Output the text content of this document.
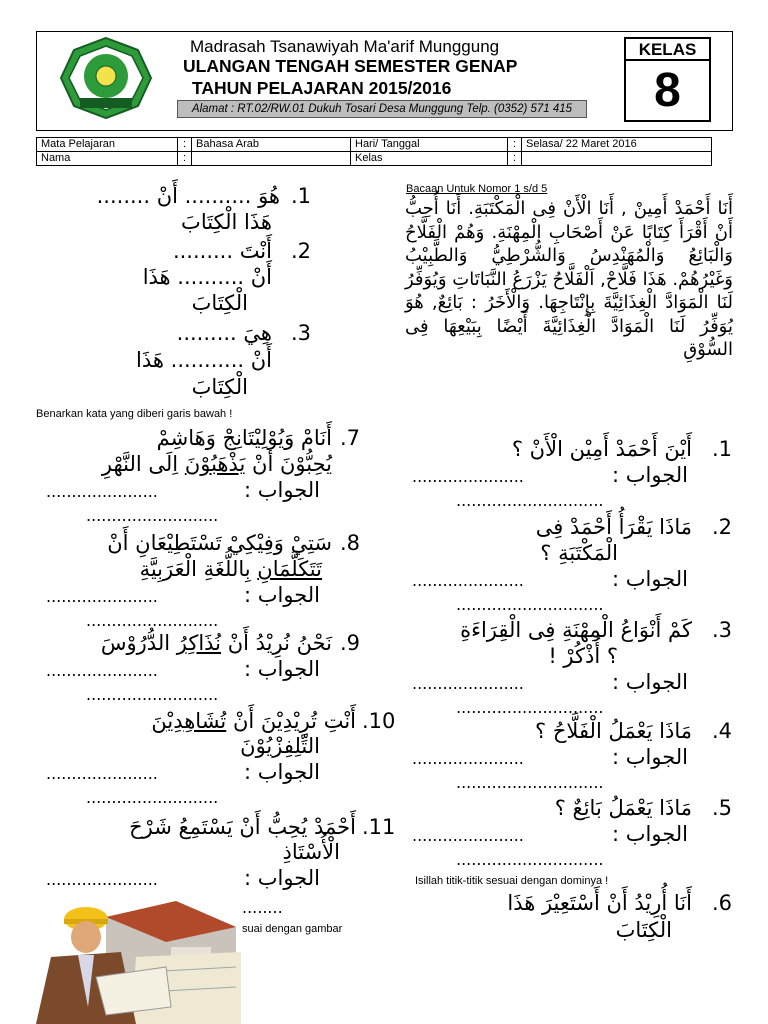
Madrasah Tsanawiyah Ma'arif Munggung
ULANGAN TENGAH SEMESTER GENAP
TAHUN PELAJARAN 2015/2016
Alamat : RT.02/RW.01 Dukuh Tosari Desa Munggung Telp. (0352) 571 415
KELAS
8
Mata Pelajaran	:	Bahasa Arab	Hari/ Tanggal	:	Selasa/ 22 Maret 2016
Nama	:		Kelas	:	
.1
هُوَ .......... أَنْ ........
هَذَا الْكِتَابَ
.2
أَنْتَ .........
أَنْ .......... هَذَا
الْكِتَابَ
.3
هِيَ .........
أَنْ ........... هَذَا
الْكِتَابَ
Benarkan kata yang diberi garis bawah !
.7
أَنَامْ وَيُوْلِيْتَانِجْ وَهَاشِمْ
يُحِبُّوْنَ أَنْ يَذْهَبُوْنَ اِلَى النَّهْرِ
الجواب :
......................
..........................
.8
سَتِيْ وَفِيْكِيْ تَسْتَطِيْعَانِ أَنْ
تَتَكَلَّمَانِ بِاللُّغَةِ الْعَرَبِيَّةِ
الجواب :
......................
..........................
.9
نَحْنُ نُرِيْدُ أَنْ نُذَاكِرُ الدُّرُوْسَ
الجواب :
......................
..........................
.10
أَنْتِ تُرِيْدِيْنَ أَنْ تُشَاهِدِيْنَ
التِّلِفِزْيُوْنَ
الجواب :
......................
..........................
.11
أَحْمَدْ يُحِبُّ أَنْ يَسْتَمِعُ شَرْحَ
الْأُسْتَاذِ
الجواب :
......................
........
suai dengan gambar
Bacaan Untuk Nomor 1 s/d 5
أَنَا أَحْمَدْ أَمِينْ , أَنَا الْأَنْ فِى الْمَكْتَبَةِ. أَنَا أُحِبُّ أَنْ أَقْرَأَ كِتَابًا عَنْ أَصْحَابِ الْمِهْنَةِ. وَهُمْ الْفَلَّاحُ وَالْبَائِعُ وَالْمُهَنْدِسُ وَالشُّرْطِيُّ وَالطَّبِيْبُ وَغَيْرُهُمْ. هَذَا فَلَّاحْ, اَلْفَلَّاحُ يَزْرَعُ النَّبَاتَاتِ وَيُوَفِّرُ لَنَا الْمَوَادَّ الْغِذَائِيَّةَ بِإِنْتَاجِهَا. وَالْأَخَرُ : بَائِعٌ, هُوَ يُوَفِّرُ لَنَا الْمَوَادَّ الْغِذَائِيَّةَ أَيْضًا بِبَيْعِهَا فِى السُّوْقِ
.1
أَيْنَ أَحْمَدْ أَمِيْن الْأَنْ ؟
الجواب :
......................
.............................
.2
مَاذَا يَقْرَأُ أَحْمَدْ فِى
الْمَكْتَبَةِ ؟
الجواب :
......................
.............................
.3
كَمْ أَنْوَاعُ الْمِهْنَةِ فِى الْقِرَاءَةِ
؟ أُذْكُرْ !
الجواب :
......................
.............................
.4
مَاذَا يَعْمَلُ الْفَلَّاحُ ؟
الجواب :
......................
.............................
.5
مَاذَا يَعْمَلُ بَائِعٌ ؟
الجواب :
......................
.............................
Isillah titik-titik sesuai dengan dominya !
.6
أَنَا أُرِيْدُ أَنْ أَسْتَعِيْرَ هَذَا
الْكِتَابَ
